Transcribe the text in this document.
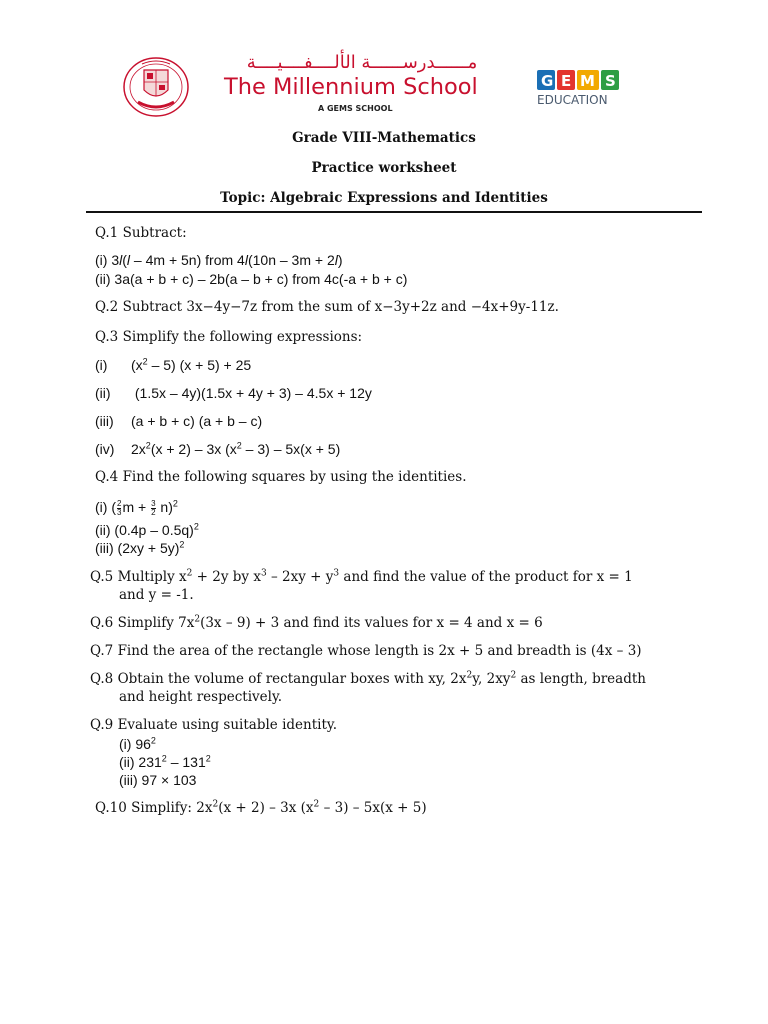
مــــــدرســــــة الألــــفــــيــــة
The Millennium School
A GEMS SCHOOL
G E M S
EDUCATION
Grade VIII-Mathematics
Practice worksheet
Topic: Algebraic Expressions and Identities
Q.1 Subtract:
(i) 3l(l – 4m + 5n) from 4l(10n – 3m + 2l)
(ii) 3a(a + b + c) – 2b(a – b + c) from 4c(-a + b + c)
Q.2 Subtract 3x−4y−7z from the sum of x−3y+2z and −4x+9y-11z.
Q.3 Simplify the following expressions:
(i) $(x^2 - 5) (x + 5) + 25$
(ii) (1.5x – 4y)(1.5x + 4y + 3) – 4.5x + 12y
(iii) (a + b + c) (a + b – c)
(iv) $2x^2(x + 2) - 3x$ $(x^2 - 3) - 5x(x + 5)$
Q.4 Find the following squares by using the identities.
(i) ( $\frac{2}{3}$ $m + \frac{3}{2} n)^2$
(ii) (0.4p – 0.5q)$^2$
(iii) $(2xy + 5y)^2$
Q.5 Multiply $x^2 + 2y$ by $x^3 - 2xy + y^3$ and find the value of the product for x = 1
and y = -1.
Q.6 Simplify $7x^2(3x - 9) + 3$ and find its values for x = 4 and x = 6
Q.7 Find the area of the rectangle whose length is 2x + 5 and breadth is (4x – 3)
Q.8 Obtain the volume of rectangular boxes with xy, $2x^2y$, $2xy^2$ as length, breadth
and height respectively.
Q.9 Evaluate using suitable identity.
(i) $96^2$
(ii) $231^2 - 131^2$
(iii) 97 × 103
Q.10 Simplify: $2x^2(x + 2) - 3x$ $(x^2 - 3) - 5x(x + 5)$
